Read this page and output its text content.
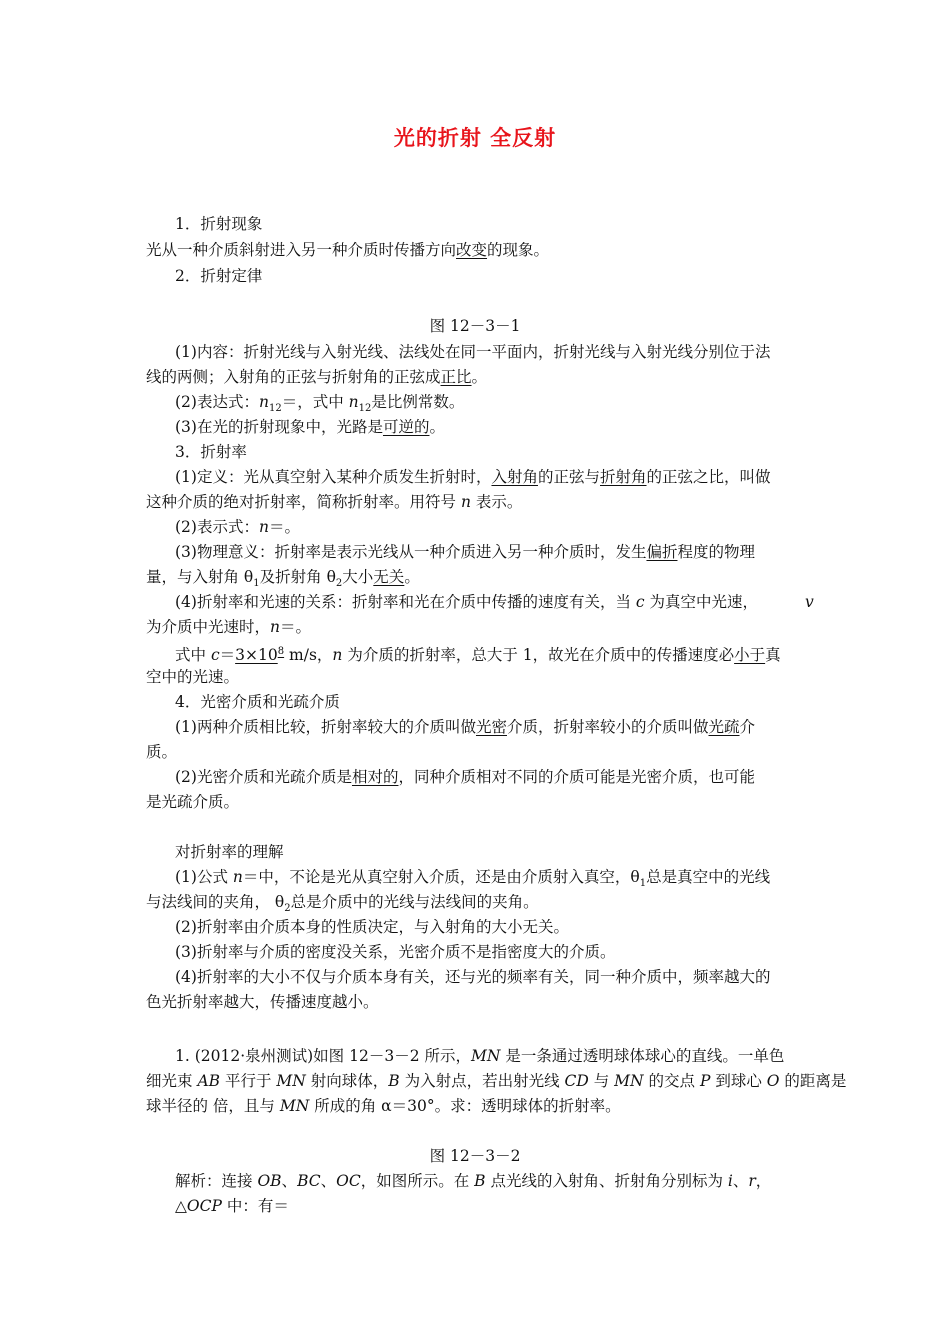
光的折射 全反射
1．折射现象
光从一种介质斜射进入另一种介质时传播方向改变的现象。
2．折射定律
图 12－3－1
(1)内容：折射光线与入射光线、法线处在同一平面内，折射光线与入射光线分别位于法
线的两侧；入射角的正弦与折射角的正弦成正比。
(2)表达式：$n_{12}=$，式中 $n_{12}$是比例常数。
(3)在光的折射现象中，光路是可逆的。
3．折射率
(1)定义：光从真空射入某种介质发生折射时，入射角的正弦与折射角的正弦之比，叫做
这种介质的绝对折射率，简称折射率。用符号 n 表示。
(2)表示式：n＝。
(3)物理意义：折射率是表示光线从一种介质进入另一种介质时，发生偏折程度的物理
量，与入射角 $\theta_1$及折射角 $\theta_2$大小无关。
(4)折射率和光速的关系：折射率和光在介质中传播的速度有关，当 c 为真空中光速，	v
为介质中光速时，n＝。
式中 $c=3\times 10^8$ m/s，n 为介质的折射率，总大于 1，故光在介质中的传播速度必小于真
空中的光速。
4．光密介质和光疏介质
(1)两种介质相比较，折射率较大的介质叫做光密介质，折射率较小的介质叫做光疏介
质。
(2)光密介质和光疏介质是相对的，同种介质相对不同的介质可能是光密介质，也可能
是光疏介质。
对折射率的理解
(1)公式 n＝中，不论是光从真空射入介质，还是由介质射入真空，$\theta_1$总是真空中的光线
与法线间的夹角， $\theta_2$总是介质中的光线与法线间的夹角。
(2)折射率由介质本身的性质决定，与入射角的大小无关。
(3)折射率与介质的密度没关系，光密介质不是指密度大的介质。
(4)折射率的大小不仅与介质本身有关，还与光的频率有关，同一种介质中，频率越大的
色光折射率越大，传播速度越小。
1. (2012·泉州测试)如图 12－3－2 所示，MN 是一条通过透明球体球心的直线。一单色
细光束 AB 平行于 MN 射向球体，B 为入射点，若出射光线 CD 与 MN 的交点 P 到球心 O 的距离是
球半径的 倍，且与 MN 所成的角 α＝30°。求：透明球体的折射率。
图 12－3－2
解析：连接 OB、BC、OC，如图所示。在 B 点光线的入射角、折射角分别标为 i、r，
△OCP 中：有＝
